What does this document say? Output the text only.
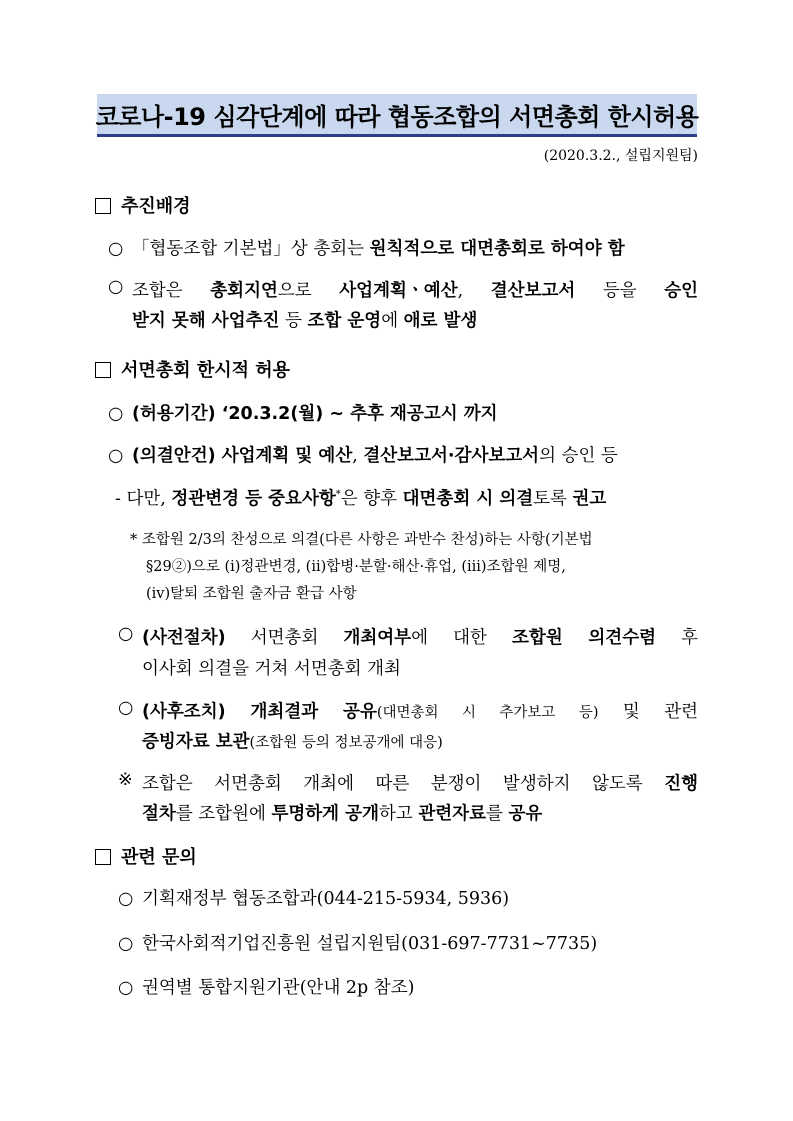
코로나-19 심각단계에 따라 협동조합의 서면총회 한시허용
(2020.3.2., 설립지원팀)
추진배경
○ 「협동조합 기본법」상 총회는 원칙적으로 대면총회로 하여야 함
○ 조합은 총회지연으로 사업계획ㆍ예산, 결산보고서 등을 승인
받지 못해 사업추진 등 조합 운영에 애로 발생
서면총회 한시적 허용
○ (허용기간) ‘20.3.2(월) ~ 추후 재공고시 까지
○ (의결안건) 사업계획 및 예산, 결산보고서·감사보고서의 승인 등
- 다만, 정관변경 등 중요사항*은 향후 대면총회 시 의결토록 권고
* 조합원 2/3의 찬성으로 의결(다른 사항은 과반수 찬성)하는 사항(기본법
§29②)으로 (i)정관변경, (ii)합병·분할·해산·휴업, (iii)조합원 제명,
(iv)탈퇴 조합원 출자금 환급 사항
○ (사전절차) 서면총회 개최여부에 대한 조합원 의견수렴 후
이사회 의결을 거쳐 서면총회 개최
○ (사후조치) 개최결과 공유(대면총회 시 추가보고 등) 및 관련
증빙자료 보관(조합원 등의 정보공개에 대응)
※ 조합은 서면총회 개최에 따른 분쟁이 발생하지 않도록 진행
절차를 조합원에 투명하게 공개하고 관련자료를 공유
관련 문의
○ 기획재정부 협동조합과(044-215-5934, 5936)
○ 한국사회적기업진흥원 설립지원팀(031-697-7731~7735)
○ 권역별 통합지원기관(안내 2p 참조)
